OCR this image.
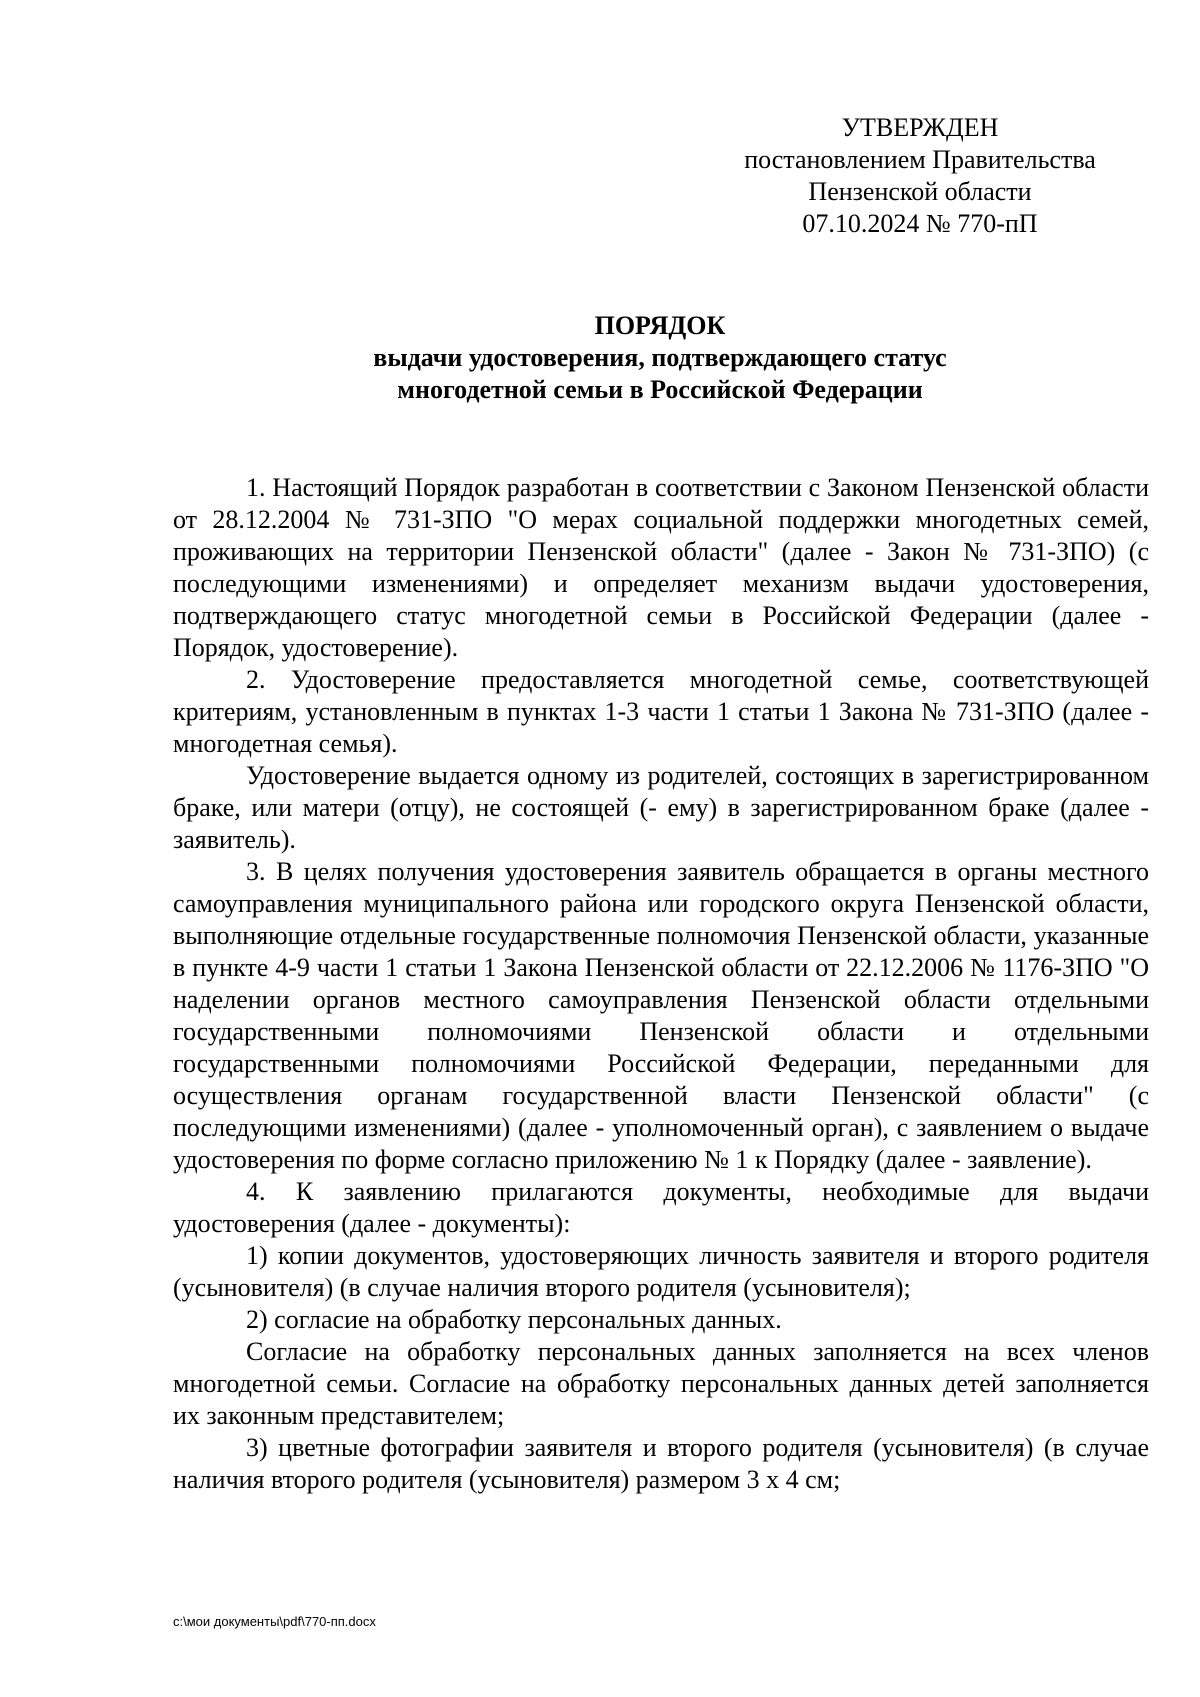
УТВЕРЖДЕН
постановлением Правительства
Пензенской области
07.10.2024 № 770-пП
ПОРЯДОК
выдачи удостоверения, подтверждающего статус
многодетной семьи в Российской Федерации

1. Настоящий Порядок разработан в соответствии с Законом Пензенской области от 28.12.2004 № 731-ЗПО "О мерах социальной поддержки многодетных семей, проживающих на территории Пензенской области" (далее - Закон № 731-ЗПО) (с последующими изменениями) и определяет механизм выдачи удостоверения, подтверждающего статус многодетной семьи в Российской Федерации (далее - Порядок, удостоверение).

2. Удостоверение предоставляется многодетной семье, соответствующей критериям, установленным в пунктах 1-3 части 1 статьи 1 Закона № 731-ЗПО (далее - многодетная семья).

Удостоверение выдается одному из родителей, состоящих в зарегистрированном браке, или матери (отцу), не состоящей (- ему) в зарегистрированном браке (далее - заявитель).

3. В целях получения удостоверения заявитель обращается в органы местного самоуправления муниципального района или городского округа Пензенской области, выполняющие отдельные государственные полномочия Пензенской области, указанные в пункте 4-9 части 1 статьи 1 Закона Пензенской области от 22.12.2006 № 1176-ЗПО "О наделении органов местного самоуправления Пензенской области отдельными государственными полномочиями Пензенской области и отдельными государственными полномочиями Российской Федерации, переданными для осуществления органам государственной власти Пензенской области" (с последующими изменениями) (далее - уполномоченный орган), с заявлением о выдаче удостоверения по форме согласно приложению № 1 к Порядку (далее - заявление).

4. К заявлению прилагаются документы, необходимые для выдачи удостоверения (далее - документы):

1) копии документов, удостоверяющих личность заявителя и второго родителя (усыновителя) (в случае наличия второго родителя (усыновителя);

2) согласие на обработку персональных данных.

Согласие на обработку персональных данных заполняется на всех членов многодетной семьи. Согласие на обработку персональных данных детей заполняется их законным представителем;

3) цветные фотографии заявителя и второго родителя (усыновителя) (в случае наличия второго родителя (усыновителя) размером 3 х 4 см;

c:\мои документы\pdf\770-пп.docx
